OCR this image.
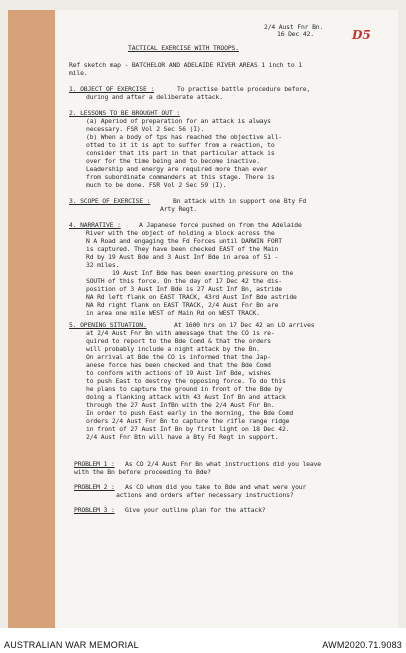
2/4 Aust Fnr Bn.
16 Dec 42.	D5
TACTICAL EXERCISE WITH TROOPS.
Ref sketch map - BATCHELOR AND ADELAIDE RIVER AREAS 1 inch to 1
mile.
1. OBJECT OF EXERCISE :	To practise battle procedure before,
during and after a deliberate attack.
2. LESSONS TO BE BROUGHT OUT :
(a) Aperiod of preparation for an attack is always
necessary. FSR Vol 2 Sec 56 (I).
(b) When a body of tps has reached the objective all-
otted to it it is apt to suffer from a reaction, to
consider that its part in that particular attack is
over for the time being and to become inactive.
Leadership and energy are required more than ever
from subordinate commanders at this stage. There is
much to be done. FSR Vol 2 Sec 59 (I).
3. SCOPE OF EXERCISE :	Bn attack with in support one Bty Fd
Arty Regt.
4. NARRATIVE :	A Japanese force pushed on from the Adelaide
River with the object of holding a block across the
N A Road and engaging the Fd Forces until DARWIN FORT
is captured. They have been checked EAST of the Main
Rd by 19 Aust Bde and 3 Aust Inf Bde in area of 51 -
32 miles.
19 Aust Inf Bde has been exerting pressure on the
SOUTH of this force. On the day of 17 Dec 42 the dis-
position of 3 Aust Inf Bde is 27 Aust Inf Bn, astride
NA Rd left flank on EAST TRACK, 43rd Aust Inf Bde astride
NA Rd right flank on EAST TRACK, 2/4 Aust Fnr Bn are
in area one mile WEST of Main Rd on WEST TRACK.
5. OPENING SITUATION.	At 1600 hrs on 17 Dec 42 an LO arrives
at 2/4 Aust Fnr Bn with amessage that the CO is re-
quired to report to the Bde Comd & that the orders
will probably include a night attack by the Bn.
On arrival at Bde the CO is informed that the Jap-
anese force has been checked and that the Bde Comd
to conform with actions of 19 Aust Inf Bde, wishes
to push East to destroy the opposing force. To do this
he plans to capture the ground in front of the Bde by
doing a flanking attack with 43 Aust Inf Bn and attack
through the 27 Aust InfBn with the 2/4 Aust Fnr Bn.
In order to push East early in the morning, the Bde Comd
orders 2/4 Aust Fnr Bn to capture the rifle range ridge
in front of 27 Aust Inf Bn by first light on 18 Dec 42.
2/4 Aust Fnr Btn will have a Bty Fd Regt in support.
PROBLEM 1 : As CO 2/4 Aust Fnr Bn what instructions did you leave
with the Bn before proceeding to Bde?
PROBLEM 2 : As CO whom did you take to Bde and what were your
actions and orders after necessary instructions?
PROBLEM 3 : Give your outline plan for the attack?
AUSTRALIAN WAR MEMORIAL	AWM2020.71.9083
